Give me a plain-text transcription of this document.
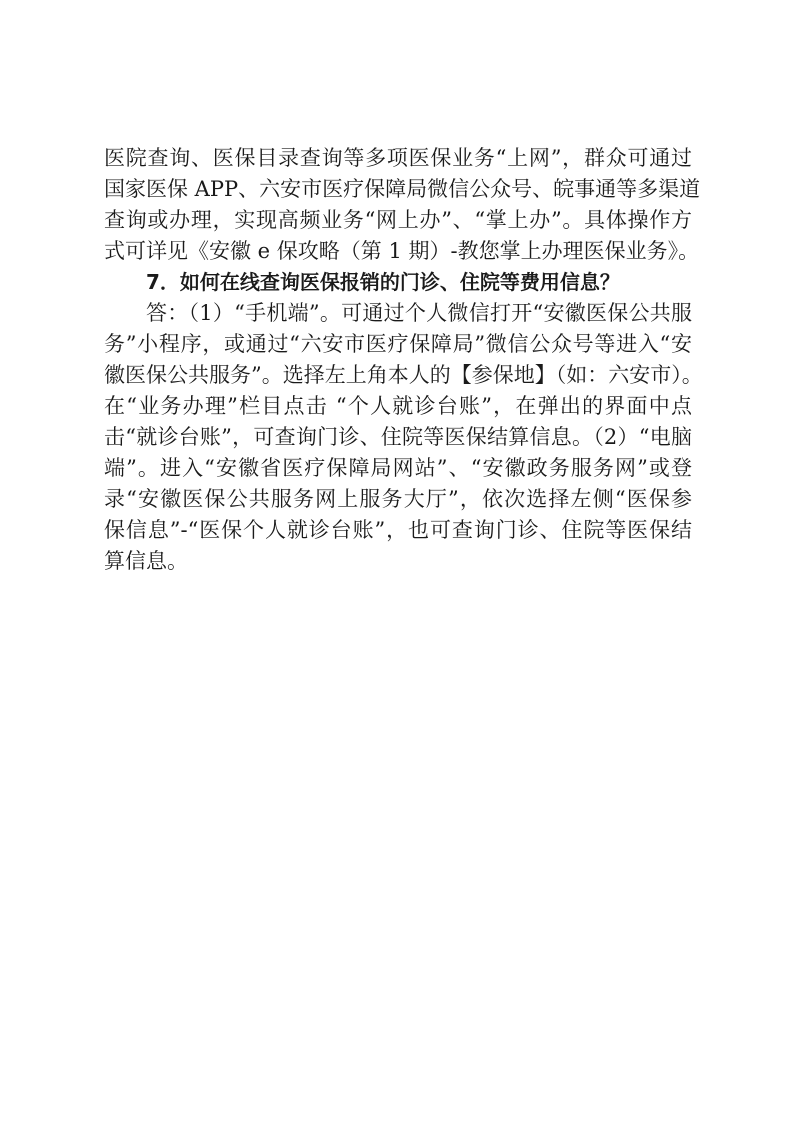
医院查询、医保目录查询等多项医保业务“上网”，群众可通过
国家医保 APP、六安市医疗保障局微信公众号、皖事通等多渠道
查询或办理，实现高频业务“网上办”、“掌上办”。具体操作方
式可详见《安徽 e 保攻略（第 1 期）-教您掌上办理医保业务》。
7．如何在线查询医保报销的门诊、住院等费用信息？
答：（1）“手机端”。可通过个人微信打开“安徽医保公共服
务”小程序，或通过“六安市医疗保障局”微信公众号等进入“安
徽医保公共服务”。选择左上角本人的【参保地】（如：六安市）。
在“业务办理”栏目点击 “个人就诊台账”，在弹出的界面中点
击“就诊台账”，可查询门诊、住院等医保结算信息。（2）“电脑
端”。进入“安徽省医疗保障局网站”、“安徽政务服务网”或登
录“安徽医保公共服务网上服务大厅”，依次选择左侧“医保参
保信息”-“医保个人就诊台账”，也可查询门诊、住院等医保结
算信息。
